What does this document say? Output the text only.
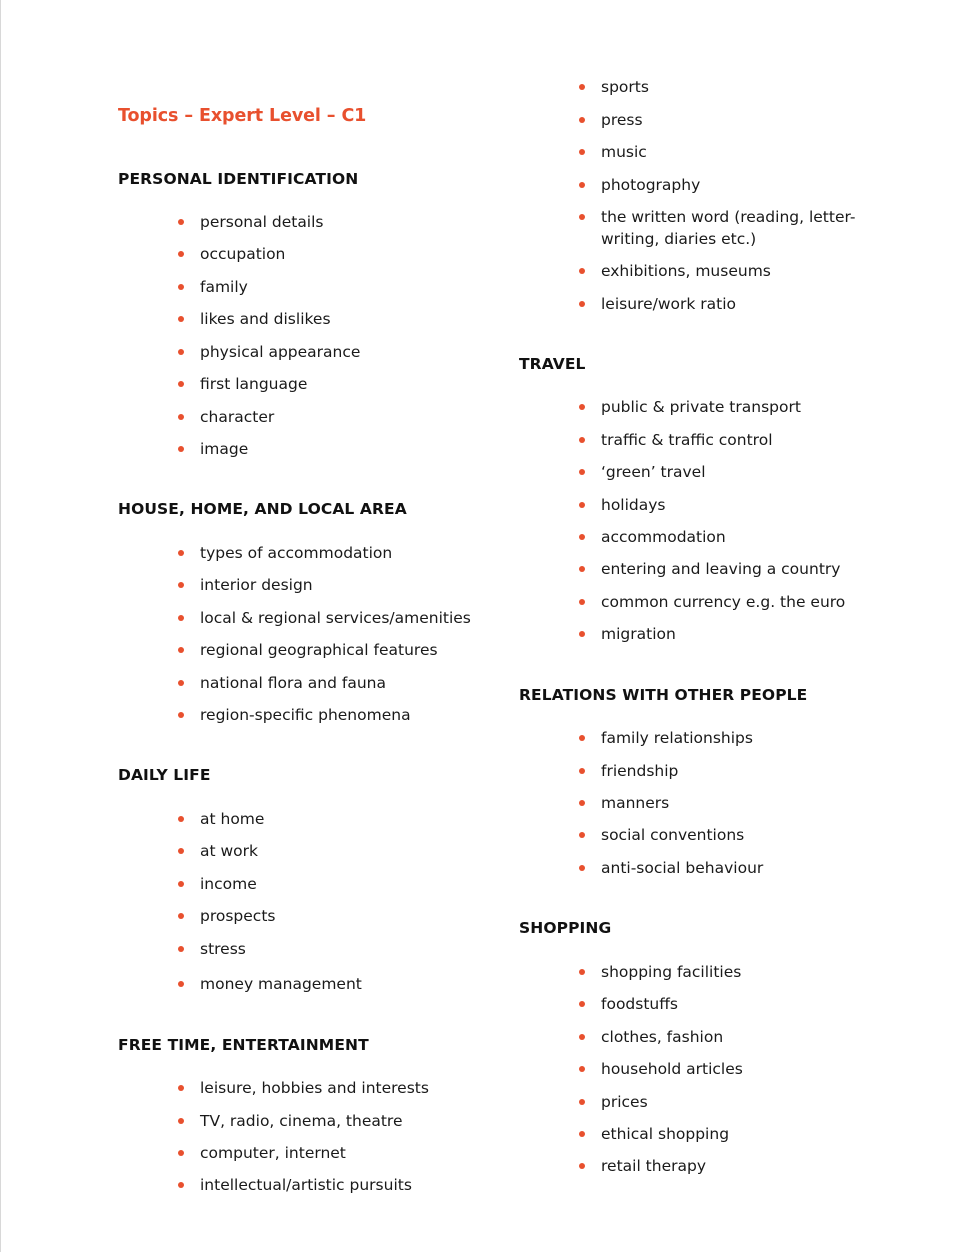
Topics – Expert Level – C1
PERSONAL IDENTIFICATION
personal details
occupation
family
likes and dislikes
physical appearance
first language
character
image
HOUSE, HOME, AND LOCAL AREA
types of accommodation
interior design
local & regional services/amenities
regional geographical features
national flora and fauna
region-specific phenomena
DAILY LIFE
at home
at work
income
prospects
stress
money management
FREE TIME, ENTERTAINMENT
leisure, hobbies and interests
TV, radio, cinema, theatre
computer, internet
intellectual/artistic pursuits
sports
press
music
photography
the written word (reading, letter-writing, diaries etc.)
exhibitions, museums
leisure/work ratio
TRAVEL
public & private transport
traffic & traffic control
‘green’ travel
holidays
accommodation
entering and leaving a country
common currency e.g. the euro
migration
RELATIONS WITH OTHER PEOPLE
family relationships
friendship
manners
social conventions
anti-social behaviour
SHOPPING
shopping facilities
foodstuffs
clothes, fashion
household articles
prices
ethical shopping
retail therapy
